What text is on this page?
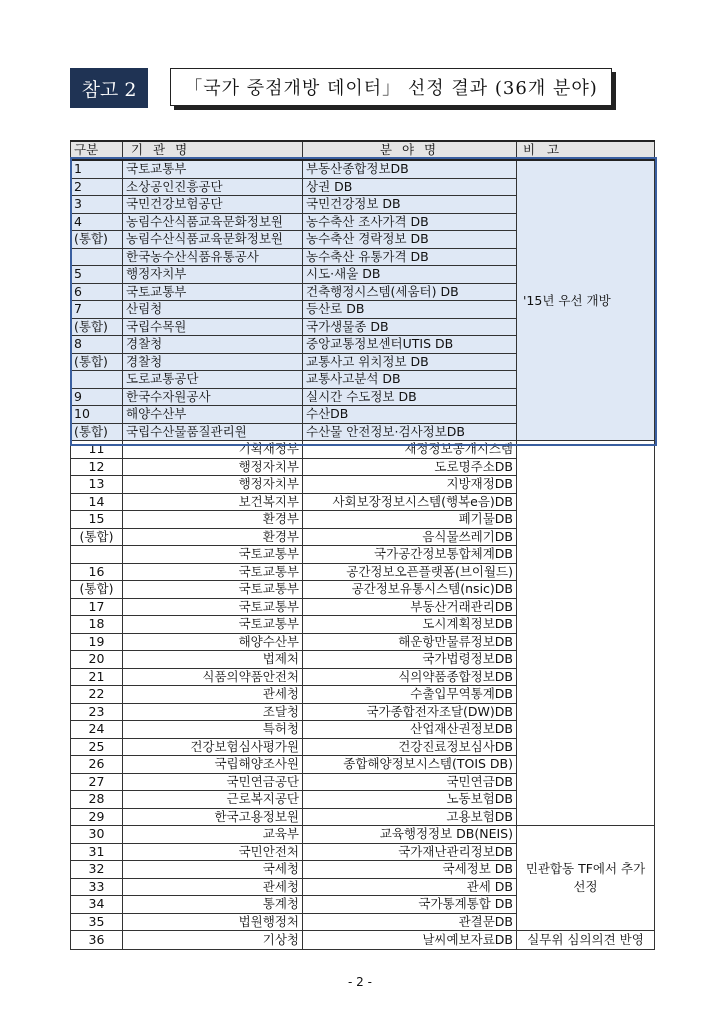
참고 2	「국가 중점개방 데이터」 선정 결과 (36개 분야)
구분	기 관 명	분 야 명	비 고
1	국토교통부	부동산종합정보DB	'15년 우선 개방
2	소상공인진흥공단	상권 DB	
3	국민건강보험공단	국민건강정보 DB	
4	농림수산식품교육문화정보원	농수축산 조사가격 DB	
(통합)	농림수산식품교육문화정보원	농수축산 경락정보 DB	
	한국농수산식품유통공사	농수축산 유통가격 DB	
5	행정자치부	시도·새울 DB	
6	국토교통부	건축행정시스템(세움터) DB	
7	산림청	등산로 DB	
(통합)	국립수목원	국가생물종 DB	
8	경찰청	중앙교통정보센터UTIS DB	
(통합)	경찰청	교통사고 위치정보 DB	
	도로교통공단	교통사고분석 DB	
9	한국수자원공사	실시간 수도정보 DB	
10	해양수산부	수산DB	
(통합)	국립수산물품질관리원	수산물 안전정보·검사정보DB	
11	기획재정부	재정정보공개시스템	
12	행정자치부	도로명주소DB	
13	행정자치부	지방재정DB	
14	보건복지부	사회보장정보시스템(행복e음)DB	
15	환경부	폐기물DB	
(통합)	환경부	음식물쓰레기DB	
	국토교통부	국가공간정보통합체계DB	
16	국토교통부	공간정보오픈플랫폼(브이월드)	
(통합)	국토교통부	공간정보유통시스템(nsic)DB	
17	국토교통부	부동산거래관리DB	
18	국토교통부	도시계획정보DB	
19	해양수산부	해운항만물류정보DB	
20	법제처	국가법령정보DB	
21	식품의약품안전처	식의약품종합정보DB	
22	관세청	수출입무역통계DB	
23	조달청	국가종합전자조달(DW)DB	
24	특허청	산업재산권정보DB	
25	건강보험심사평가원	건강진료정보심사DB	
26	국립해양조사원	종합해양정보시스템(TOIS DB)	
27	국민연금공단	국민연금DB	
28	근로복지공단	노동보험DB	
29	한국고용정보원	고용보험DB	
30	교육부	교육행정정보 DB(NEIS)	민관합동 TF에서 추가선정
31	국민안전처	국가재난관리정보DB	
32	국세청	국세정보 DB	
33	관세청	관세 DB	
34	통계청	국가통계통합 DB	
35	법원행정처	관결문DB	
36	기상청	날씨예보자료DB	실무위 심의의견 반영
- 2 -
